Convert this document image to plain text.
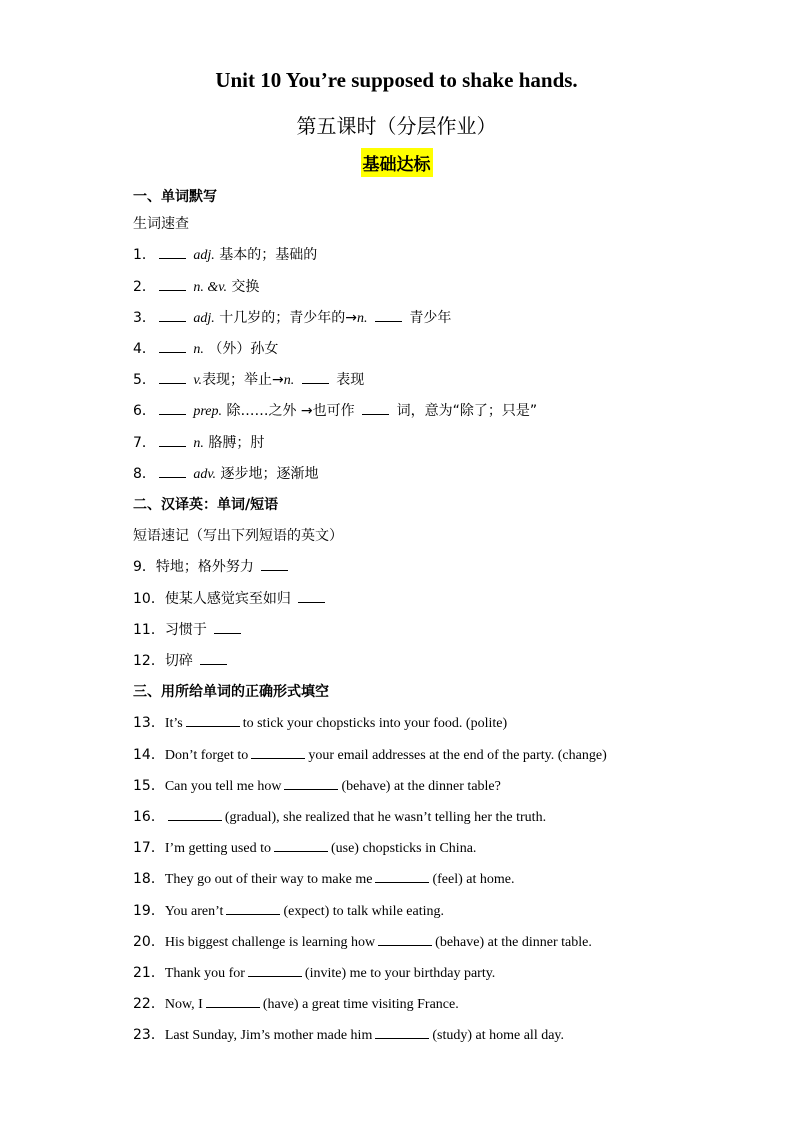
Unit 10 You’re supposed to shake hands.
第五课时（分层作业）
基础达标
一、单词默写
生词速查
1．	adj. 基本的；基础的
2．	n. &v. 交换
3．	adj. 十几岁的；青少年的→n.	青少年
4．	n. （外）孙女
5．	v.表现；举止→n.	表现
6．	prep. 除……之外 →也可作	词，意为“除了；只是”
7．	n. 胳膊；肘
8．	adv. 逐步地；逐渐地
二、汉译英：单词/短语
短语速记（写出下列短语的英文）
9．特地；格外努力
10．使某人感觉宾至如归
11．习惯于
12．切碎
三、用所给单词的正确形式填空
13．It’s	to stick your chopsticks into your food. (polite)
14．Don’t forget to	your email addresses at the end of the party. (change)
15．Can you tell me how	(behave) at the dinner table?
16．	(gradual), she realized that he wasn’t telling her the truth.
17．I’m getting used to	(use) chopsticks in China.
18．They go out of their way to make me	(feel) at home.
19．You aren’t	(expect) to talk while eating.
20．His biggest challenge is learning how	(behave) at the dinner table.
21．Thank you for	(invite) me to your birthday party.
22．Now, I	(have) a great time visiting France.
23．Last Sunday, Jim’s mother made him	(study) at home all day.
